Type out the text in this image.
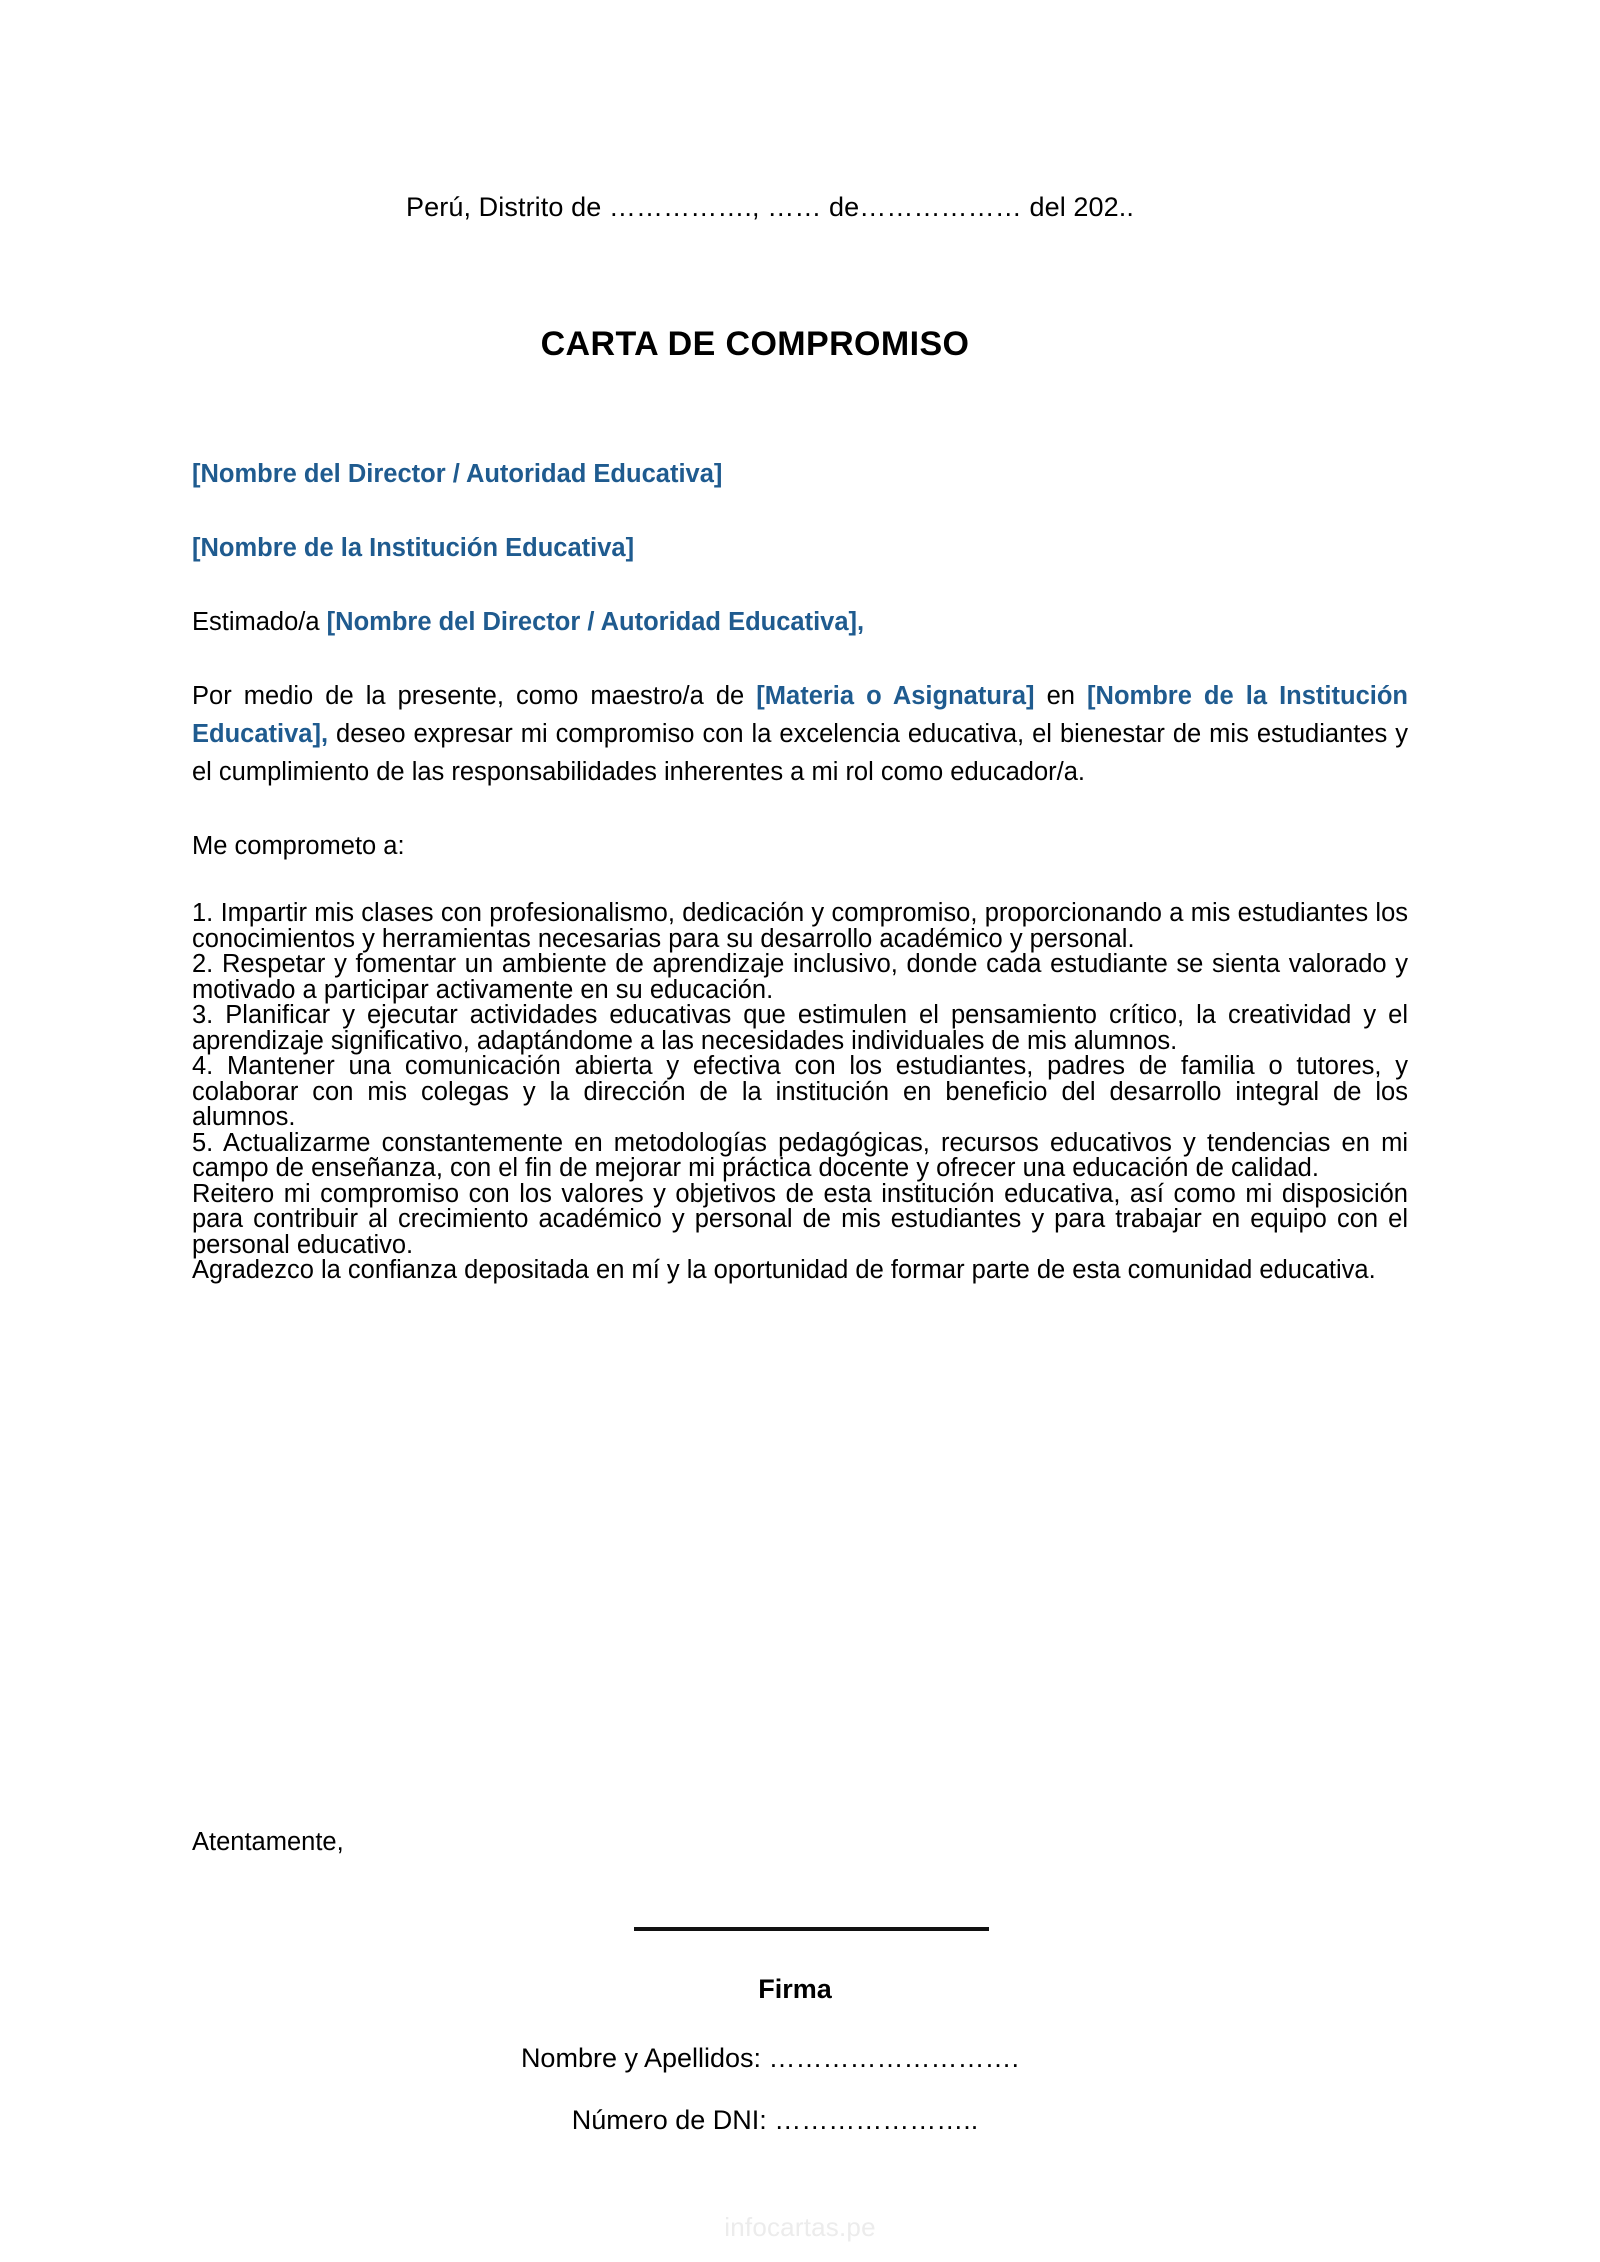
Perú, Distrito de ……………., …… de……………… del 202..
CARTA DE COMPROMISO

[Nombre del Director / Autoridad Educativa]

[Nombre de la Institución Educativa]

Estimado/a [Nombre del Director / Autoridad Educativa],

Por medio de la presente, como maestro/a de [Materia o Asignatura] en [Nombre de la Institución Educativa], deseo expresar mi compromiso con la excelencia educativa, el bienestar de mis estudiantes y el cumplimiento de las responsabilidades inherentes a mi rol como educador/a.

Me comprometo a:

1. Impartir mis clases con profesionalismo, dedicación y compromiso, proporcionando a mis estudiantes los conocimientos y herramientas necesarias para su desarrollo académico y personal.

2. Respetar y fomentar un ambiente de aprendizaje inclusivo, donde cada estudiante se sienta valorado y motivado a participar activamente en su educación.

3. Planificar y ejecutar actividades educativas que estimulen el pensamiento crítico, la creatividad y el aprendizaje significativo, adaptándome a las necesidades individuales de mis alumnos.

4. Mantener una comunicación abierta y efectiva con los estudiantes, padres de familia o tutores, y colaborar con mis colegas y la dirección de la institución en beneficio del desarrollo integral de los alumnos.

5. Actualizarme constantemente en metodologías pedagógicas, recursos educativos y tendencias en mi campo de enseñanza, con el fin de mejorar mi práctica docente y ofrecer una educación de calidad.

Reitero mi compromiso con los valores y objetivos de esta institución educativa, así como mi disposición para contribuir al crecimiento académico y personal de mis estudiantes y para trabajar en equipo con el personal educativo.

Agradezco la confianza depositada en mí y la oportunidad de formar parte de esta comunidad educativa.

Atentamente,
Firma
Nombre y Apellidos: ……………………….
Número de DNI: …………………..
infocartas.pe
